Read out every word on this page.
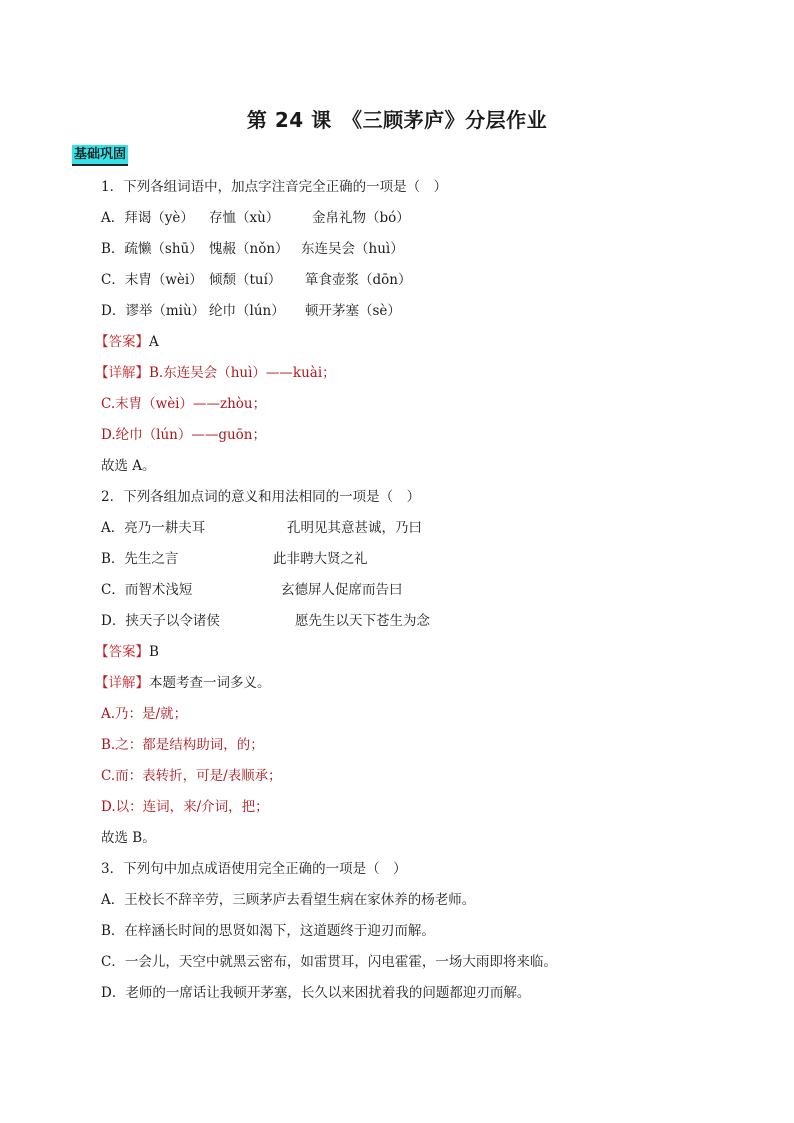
第 24 课　《三顾茅庐》分层作业
基础巩固
1．下列各组词语中，加点字注音完全正确的一项是（　）
A．拜谒（yè） 存恤（xù） 金帛礼物（bó）
B．疏懒（shū） 愧赧（nǒn） 东连吴会（huì）
C．末胄（wèi） 倾颓（tuí） 箪食壶浆（dōn）
D．谬举（miù） 纶巾（lún） 顿开茅塞（sè）
【答案】A
【详解】B.东连吴会（huì）——kuài；
C.末胄（wèi）——zhòu；
D.纶巾（lún）——guōn；
故选 A。
2．下列各组加点词的意义和用法相同的一项是（　）
A．亮乃一耕夫耳	孔明见其意甚诚，乃曰
B．先生之言	此非聘大贤之礼
C．而智术浅短	玄德屏人促席而告曰
D．挟天子以令诸侯	愿先生以天下苍生为念
【答案】B
【详解】本题考查一词多义。
A.乃：是/就；
B.之：都是结构助词，的；
C.而：表转折，可是/表顺承；
D.以：连词，来/介词，把；
故选 B。
3．下列句中加点成语使用完全正确的一项是（　）
A．王校长不辞辛劳，三顾茅庐去看望生病在家休养的杨老师。
B．在梓涵长时间的思贤如渴下，这道题终于迎刃而解。
C．一会儿，天空中就黑云密布，如雷贯耳，闪电霍霍，一场大雨即将来临。
D．老师的一席话让我顿开茅塞，长久以来困扰着我的问题都迎刃而解。
